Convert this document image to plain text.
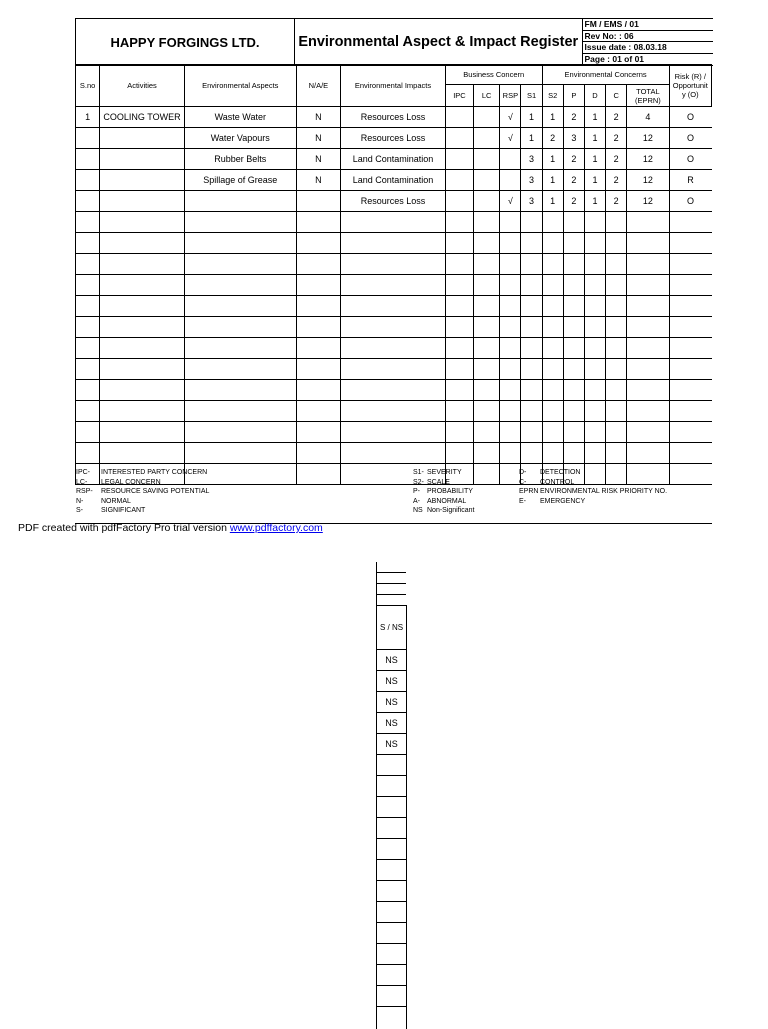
HAPPY FORGINGS LTD.	Environmental Aspect & Impact Register	
FM / EMS / 01
Rev No: : 06
Issue date : 08.03.18
Page : 01 of 01
S.no	Activities	Environmental Aspects	N/A/E	Environmental Impacts	Business Concern				Environmental Concerns					Risk (R) /
Opportunit
y (O)

					IPC	LC	RSP	S1	S2	P	D	C	TOTAL
(EPRN)	

1	COOLING TOWER	Waste Water	N	Resources Loss			√	1	1	2	1	2	4	O
		Water Vapours	N	Resources Loss			√	1	2	3	1	2	12	O
		Rubber Belts	N	Land Contamination				3	1	2	1	2	12	O
		Spillage of Grease	N	Land Contamination				3	1	2	1	2	12	R
				Resources Loss			√	3	1	2	1	2	12	O

IPC- INTERESTED PARTY CONCERN
LC- LEGAL CONCERN
RSP- RESOURCE SAVING POTENTIAL
N-	NORMAL
S-	SIGNIFICANT
S1- SEVERITY
S2- SCALE
P- PROBABILITY
A- ABNORMAL
NS Non-Significant
D- DETECTION
C- CONTROL
EPRN ENVIRONMENTAL RISK PRIORITY NO.
E- EMERGENCY
PDF created with pdfFactory Pro trial version www.pdffactory.com
S / NS
NS
NS
NS
NS
NS
